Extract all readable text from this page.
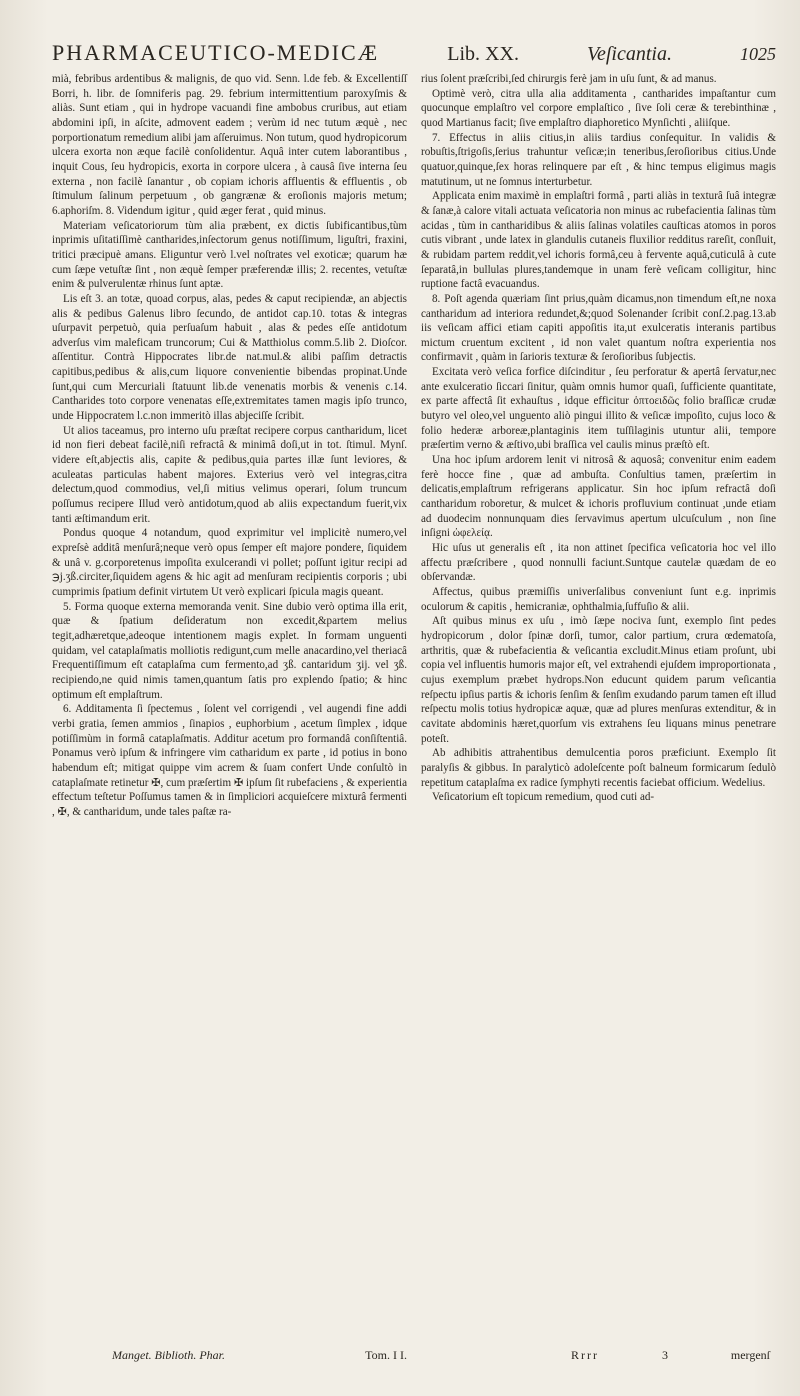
PHARMACEUTICO-MEDICÆ	Lib. XX.	Veſicantia.	1025

mià, febribus ardentibus & malignis, de quo vid. Senn. l.de feb. & Excellentiſſ Borri, h. libr. de ſomniferis pag. 29. febrium intermittentium paroxyſmis & aliàs. Sunt etiam , qui in hydrope vacuandi fine ambobus cruribus, aut etiam abdomini ipſi, in aſcite, admovent eadem ; verùm id nec tutum æquè , nec porportionatum remedium alibi jam aſſeruimus. Non tutum, quod hydropicorum ulcera exorta non æque facilè conſolidentur. Aquâ inter cutem laborantibus , inquit Cous, ſeu hydropicis, exorta in corpore ulcera , à causâ ſive interna ſeu externa , non facilè ſanantur , ob copiam ichoris affluentis & effluentis , ob ſtimulum ſalinum perpetuum , ob gangrænæ & eroſionis majoris metum; 6.aphoriſm. 8. Videndum igitur , quid æger ferat , quid minus.

Materiam veſicatoriorum tùm alia præbent, ex dictis ſubificantibus,tùm inprimis uſitatiſſimè cantharides,inſectorum genus notiſſimum, liguſtri, fraxini, tritici præcipuè amans. Eliguntur verò l.vel noſtrates vel exoticæ; quarum hæ cum ſæpe vetuſtæ ſint , non æquè ſemper præferendæ illis; 2. recentes, vetuſtæ enim & pulverulentæ rhinus ſunt aptæ.

Lis eſt 3. an totæ, quoad corpus, alas, pedes & caput recipiendæ, an abjectis alis & pedibus Galenus libro ſecundo, de antidot cap.10. totas & integras uſurpavit perpetuò, quia perſuaſum habuit , alas & pedes eſſe antidotum adverſus vim maleficam truncorum; Cui & Matthiolus comm.5.lib 2. Dioſcor. aſſentitur. Contrà Hippocrates libr.de nat.mul.& alibi paſſim detractis capitibus,pedibus & alis,cum liquore convenientie bibendas propinat.Unde ſunt,qui cum Mercuriali ſtatuunt lib.de venenatis morbis & venenis c.14. Cantharides toto corpore venenatas eſſe,extremitates tamen magis ipſo trunco, unde Hippocratem l.c.non immeritò illas abjeciſſe ſcribit.

Ut alios taceamus, pro interno uſu præſtat recipere corpus cantharidum, licet id non fieri debeat facilè,niſi refractâ & minimâ doſi,ut in tot. ſtimul. Mynſ. videre eſt,abjectis alis, capite & pedibus,quia partes illæ ſunt leviores, & aculeatas particulas habent majores. Exterius verò vel integras,citra delectum,quod commodius, vel,ſi mitius velimus operari, ſolum truncum poſſumus recipere Illud verò antidotum,quod ab aliis expectandum fuerit,vix tanti æſtimandum erit.

Pondus quoque 4 notandum, quod exprimitur vel implicitè numero,vel expreſsè additâ menſurâ;neque verò opus ſemper eſt majore pondere, ſiquidem & unâ v. g.corporetenus impoſita exulcerandi vi pollet; poſſunt igitur recipi ad ℈j.ʒß.circiter,ſiquidem agens & hic agit ad menſuram recipientis corporis ; ubi cumprimis ſpatium definit virtutem Ut verò explicari ſpicula magis queant.

5. Forma quoque externa memoranda venit. Sine dubio verò optima illa erit, quæ & ſpatium deſideratum non excedit,&partem melius tegit,adhæretque,adeoque intentionem magis explet. In formam unguenti quidam, vel cataplaſmatis molliotis redigunt,cum melle anacardino,vel theriacâ Frequentiſſimum eſt cataplaſma cum fermento,ad ʒß. cantaridum ʒij. vel ʒß. recipiendo,ne quid nimis tamen,quantum ſatis pro explendo ſpatio; & hinc optimum eſt emplaſtrum.

6. Additamenta ſi ſpectemus , ſolent vel corrigendi , vel augendi fine addi verbi gratia, ſemen ammios , ſinapios , euphorbium , acetum ſimplex , idque potiſſimùm in formâ cataplaſmatis. Additur acetum pro formandâ conſiſtentiâ. Ponamus verò ipſum & infringere vim catharidum ex parte , id potius in bono habendum eſt; mitigat quippe vim acrem & ſuam confert Unde conſultò in cataplaſmate retinetur ✠, cum præſertim ✠ ipſum ſit rubefaciens , & experientia effectum teſtetur Poſſumus tamen & in ſimpliciori acquieſcere mixturâ fermenti , ✠, & cantharidum, unde tales paſtæ ra-

rius ſolent præſcribi,ſed chirurgis ferè jam in uſu ſunt, & ad manus.

Optimè verò, citra ulla alia additamenta , cantharides impaſtantur cum quocunque emplaſtro vel corpore emplaſtico , ſive ſoli ceræ & terebinthinæ , quod Martianus facit; ſive emplaſtro diaphoretico Mynſichti , aliiſque.

7. Effectus in aliis citius,in aliis tardius conſequitur. In validis & robuſtis,ſtrigoſis,ſerius trahuntur veſicæ;in teneribus,ſeroſioribus citius.Unde quatuor,quinque,ſex horas relinquere par eſt , & hinc tempus eligimus magis matutinum, ut ne ſomnus interturbetur.

Applicata enim maximè in emplaſtri formâ , parti aliàs in texturâ ſuâ integræ & ſanæ,à calore vitali actuata veſicatoria non minus ac rubefacientia ſalinas tùm acidas , tùm in cantharidibus & aliis ſalinas volatiles cauſticas atomos in poros cutis vibrant , unde latex in glandulis cutaneis fluxilior redditus rareſit, conſluit, & rubidam partem reddit,vel ichoris formâ,ceu à fervente aquâ,cuticulâ à cute ſeparatâ,in bullulas plures,tandemque in unam ferè veſicam colligitur, hinc ruptione factâ evacuandus.

8. Poſt agenda quæriam ſint prius,quàm dicamus,non timendum eſt,ne noxa cantharidum ad interiora redundet,&;quod Solenander ſcribit conſ.2.pag.13.ab iis veſicam affici etiam capiti appoſitis ita,ut exulceratis interanis partibus mictum cruentum excitent , id non valet quantum noſtra experientia nos confirmavit , quàm in ſarioris texturæ & ſeroſioribus ſubjectis.

Excitata verò veſica forfice diſcinditur , ſeu perforatur & apertâ ſervatur,nec ante exulceratio ſiccari ſinitur, quàm omnis humor quaſi, ſufficiente quantitate, ex parte affectâ ſit exhauſtus , idque efficitur ὀπτοειδῶς folio braſſicæ crudæ butyro vel oleo,vel unguento aliò pingui illito & veſicæ impoſito, cujus loco & folio hederæ arboreæ,plantaginis item tuſſilaginis utuntur alii, tempore præſertim verno & æſtivo,ubi braſſica vel caulis minus præſtò eſt.

Una hoc ipſum ardorem lenit vi nitrosâ & aquosâ; convenitur enim eadem ferè hocce fine , quæ ad ambuſta. Conſultius tamen, præſertim in delicatis,emplaſtrum refrigerans applicatur. Sin hoc ipſum refractâ doſi cantharidum roboretur, & mulcet & ichoris profluvium continuat ,unde etiam ad duodecim nonnunquam dies ſervavimus apertum ulcuſculum , non ſine inſigni ὠφελείᾳ.

Hic uſus ut generalis eſt , ita non attinet ſpecifica veſicatoria hoc vel illo affectu præſcribere , quod nonnulli faciunt.Suntque cautelæ quædam de eo obſervandæ.

Affectus, quibus præmiſſis univerſalibus conveniunt ſunt e.g. inprimis oculorum & capitis , hemicraniæ, ophthalmia,ſuffuſio & alii.

Aſt quibus minus ex uſu , imò ſæpe nociva ſunt, exemplo ſint pedes hydropicorum , dolor ſpinæ dorſi, tumor, calor partium, crura œdematoſa, arthritis, quæ & rubefacientia & veſicantia excludit.Minus etiam proſunt, ubi copia vel influentis humoris major eſt, vel extrahendi ejuſdem improportionata , cujus exemplum præbet hydrops.Non educunt quidem parum veſicantia reſpectu ipſius partis & ichoris ſenſim & ſenſim exudando parum tamen eſt illud reſpectu molis totius hydropicæ aquæ, quæ ad plures menſuras extenditur, & in cavitate abdominis hæret,quorſum vis extrahens ſeu liquans minus penetrare poteſt.

Ab adhibitis attrahentibus demulcentia poros præficiunt. Exemplo ſit paralyſis & gibbus. In paralyticò adoleſcente poſt balneum formicarum ſedulò repetitum cataplaſma ex radice ſymphyti recentis faciebat officium. Wedelius.

Veſicatorium eſt topicum remedium, quod cuti ad-

Manget. Biblioth. Phar.	Tom. I I.	Rrrr	3	mergenſ
